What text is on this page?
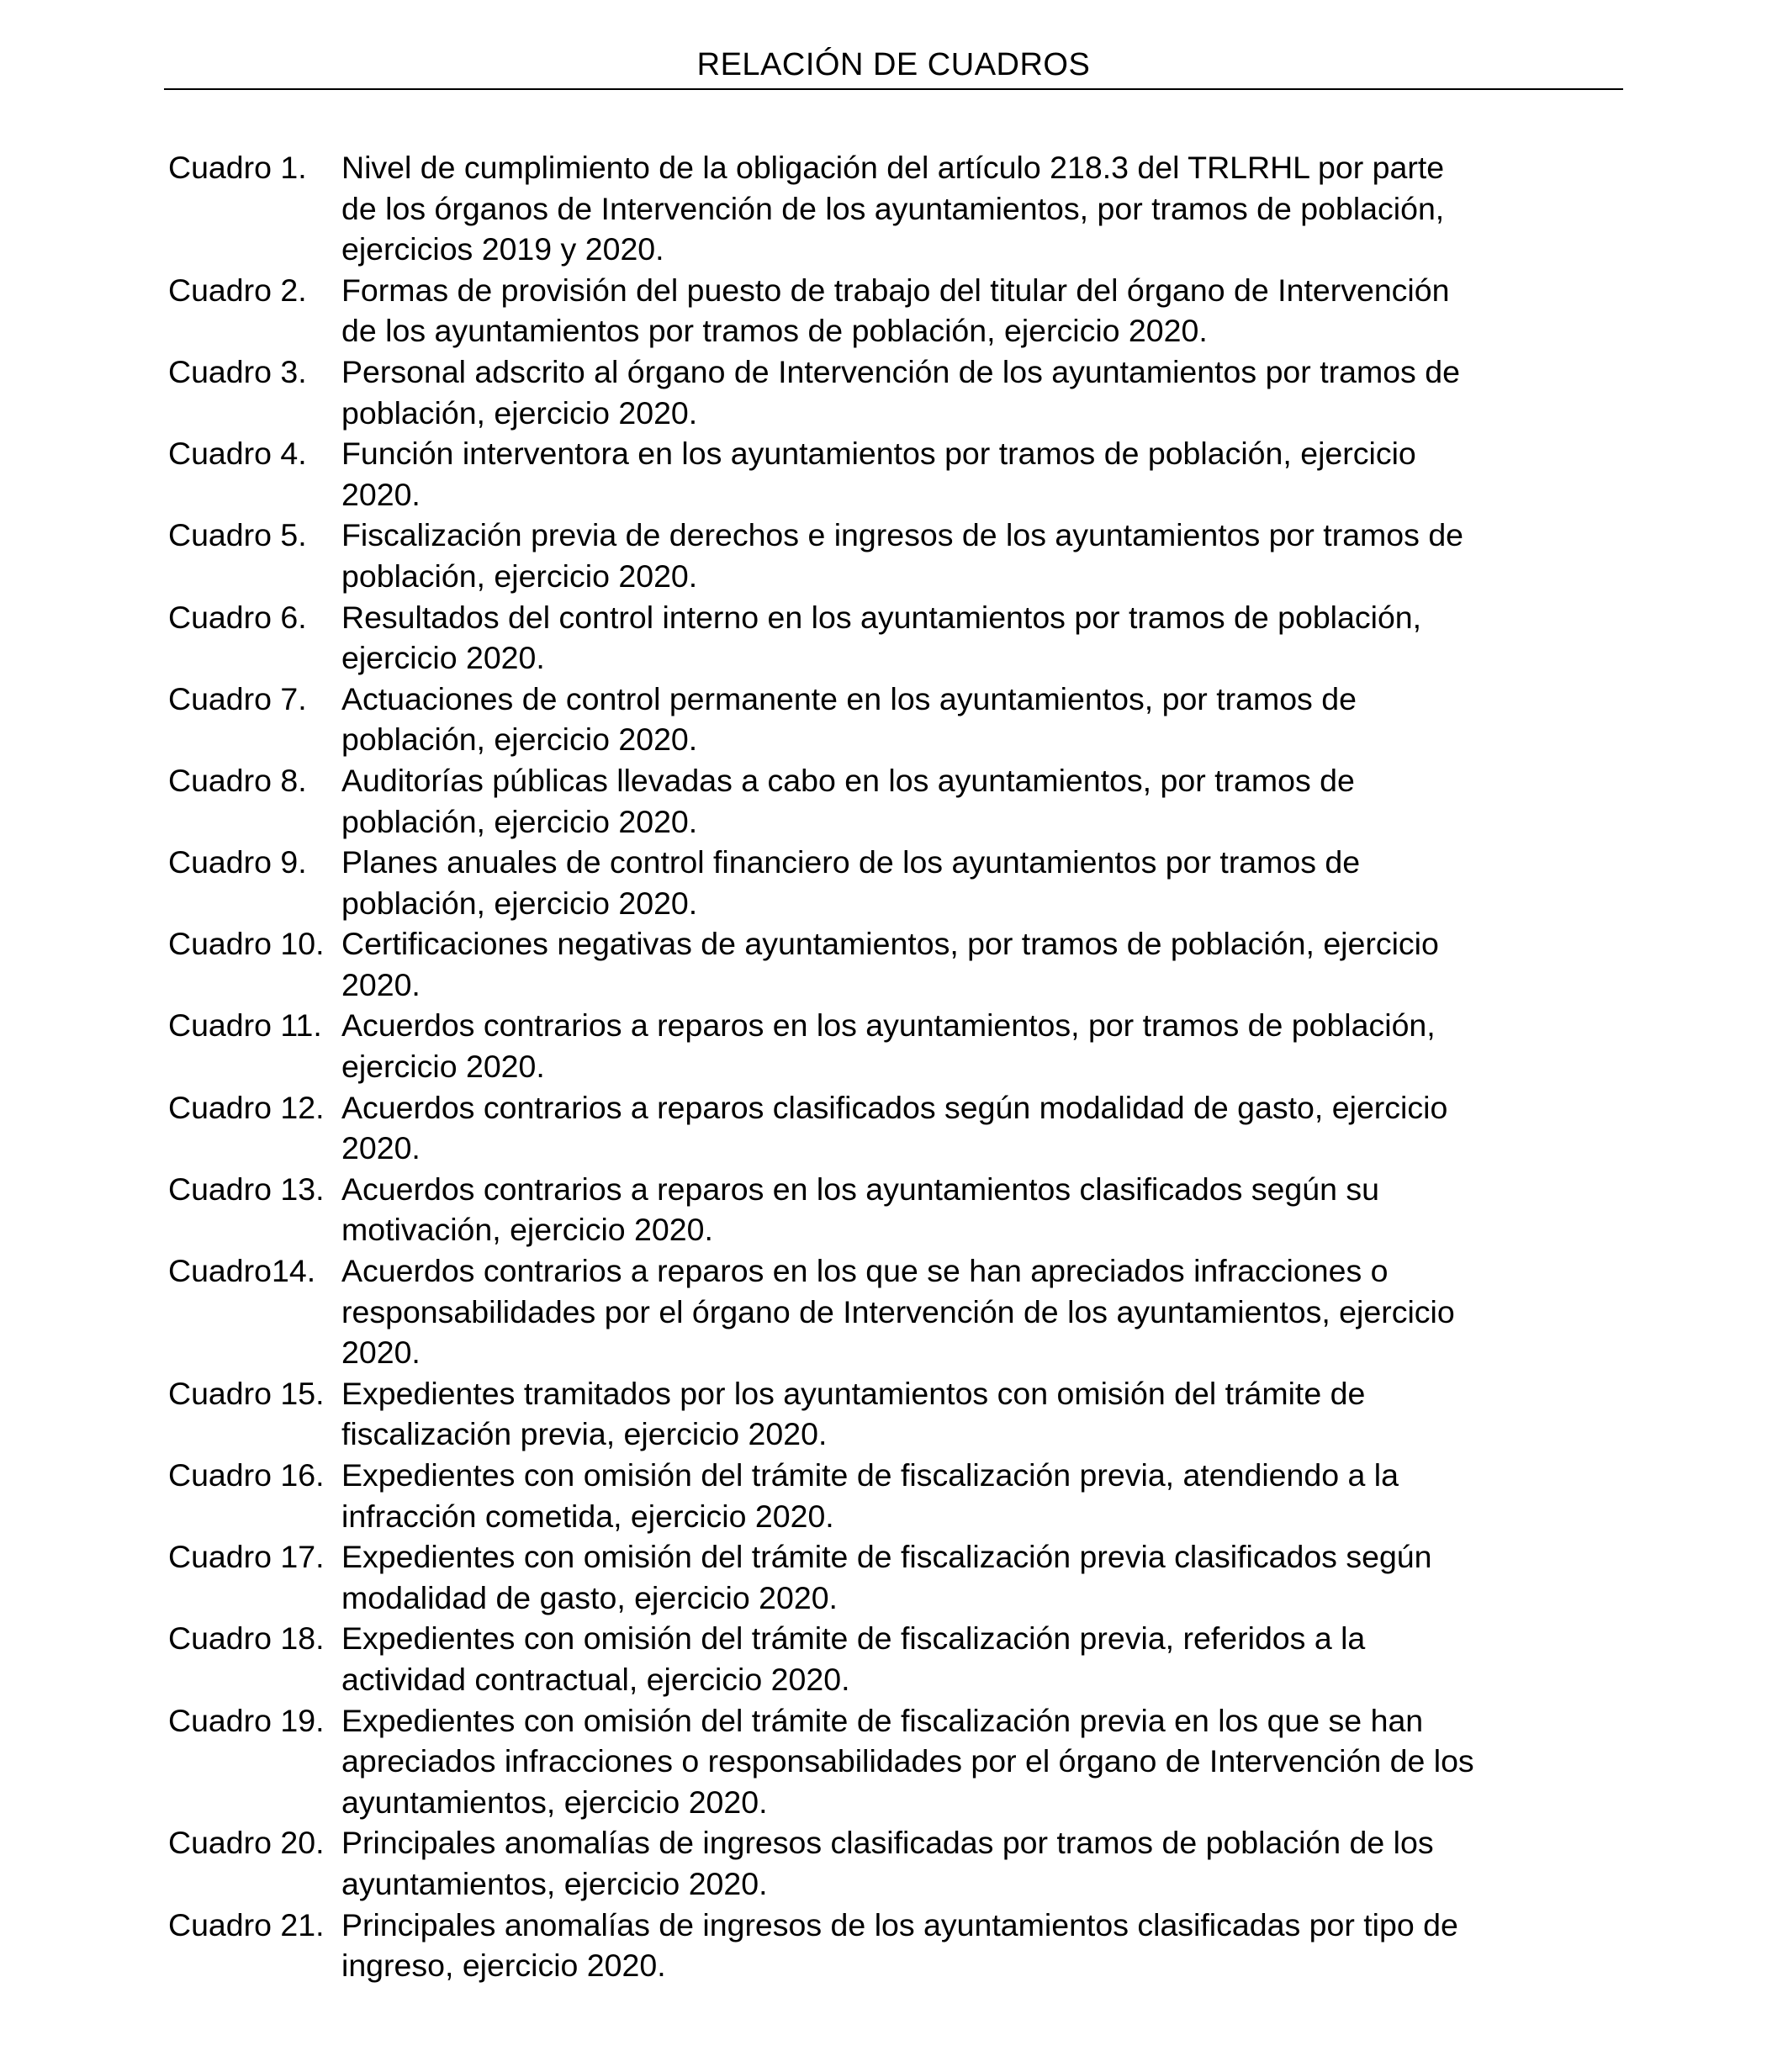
RELACIÓN DE CUADROS
Cuadro 1.	Nivel de cumplimiento de la obligación del artículo 218.3 del TRLRHL por parte
de los órganos de Intervención de los ayuntamientos, por tramos de población,
ejercicios 2019 y 2020.
Cuadro 2.	Formas de provisión del puesto de trabajo del titular del órgano de Intervención
de los ayuntamientos por tramos de población, ejercicio 2020.
Cuadro 3.	Personal adscrito al órgano de Intervención de los ayuntamientos por tramos de
población, ejercicio 2020.
Cuadro 4.	Función interventora en los ayuntamientos por tramos de población, ejercicio
2020.
Cuadro 5.	Fiscalización previa de derechos e ingresos de los ayuntamientos por tramos de
población, ejercicio 2020.
Cuadro 6.	Resultados del control interno en los ayuntamientos por tramos de población,
ejercicio 2020.
Cuadro 7.	Actuaciones de control permanente en los ayuntamientos, por tramos de
población, ejercicio 2020.
Cuadro 8.	Auditorías públicas llevadas a cabo en los ayuntamientos, por tramos de
población, ejercicio 2020.
Cuadro 9.	Planes anuales de control financiero de los ayuntamientos por tramos de
población, ejercicio 2020.
Cuadro 10. Certificaciones negativas de ayuntamientos, por tramos de población, ejercicio
2020.
Cuadro 11. Acuerdos contrarios a reparos en los ayuntamientos, por tramos de población,
ejercicio 2020.
Cuadro 12. Acuerdos contrarios a reparos clasificados según modalidad de gasto, ejercicio
2020.
Cuadro 13. Acuerdos contrarios a reparos en los ayuntamientos clasificados según su
motivación, ejercicio 2020.
Cuadro14. Acuerdos contrarios a reparos en los que se han apreciados infracciones o
responsabilidades por el órgano de Intervención de los ayuntamientos, ejercicio
2020.
Cuadro 15. Expedientes tramitados por los ayuntamientos con omisión del trámite de
fiscalización previa, ejercicio 2020.
Cuadro 16. Expedientes con omisión del trámite de fiscalización previa, atendiendo a la
infracción cometida, ejercicio 2020.
Cuadro 17. Expedientes con omisión del trámite de fiscalización previa clasificados según
modalidad de gasto, ejercicio 2020.
Cuadro 18. Expedientes con omisión del trámite de fiscalización previa, referidos a la
actividad contractual, ejercicio 2020.
Cuadro 19. Expedientes con omisión del trámite de fiscalización previa en los que se han
apreciados infracciones o responsabilidades por el órgano de Intervención de los
ayuntamientos, ejercicio 2020.
Cuadro 20. Principales anomalías de ingresos clasificadas por tramos de población de los
ayuntamientos, ejercicio 2020.
Cuadro 21. Principales anomalías de ingresos de los ayuntamientos clasificadas por tipo de
ingreso, ejercicio 2020.
